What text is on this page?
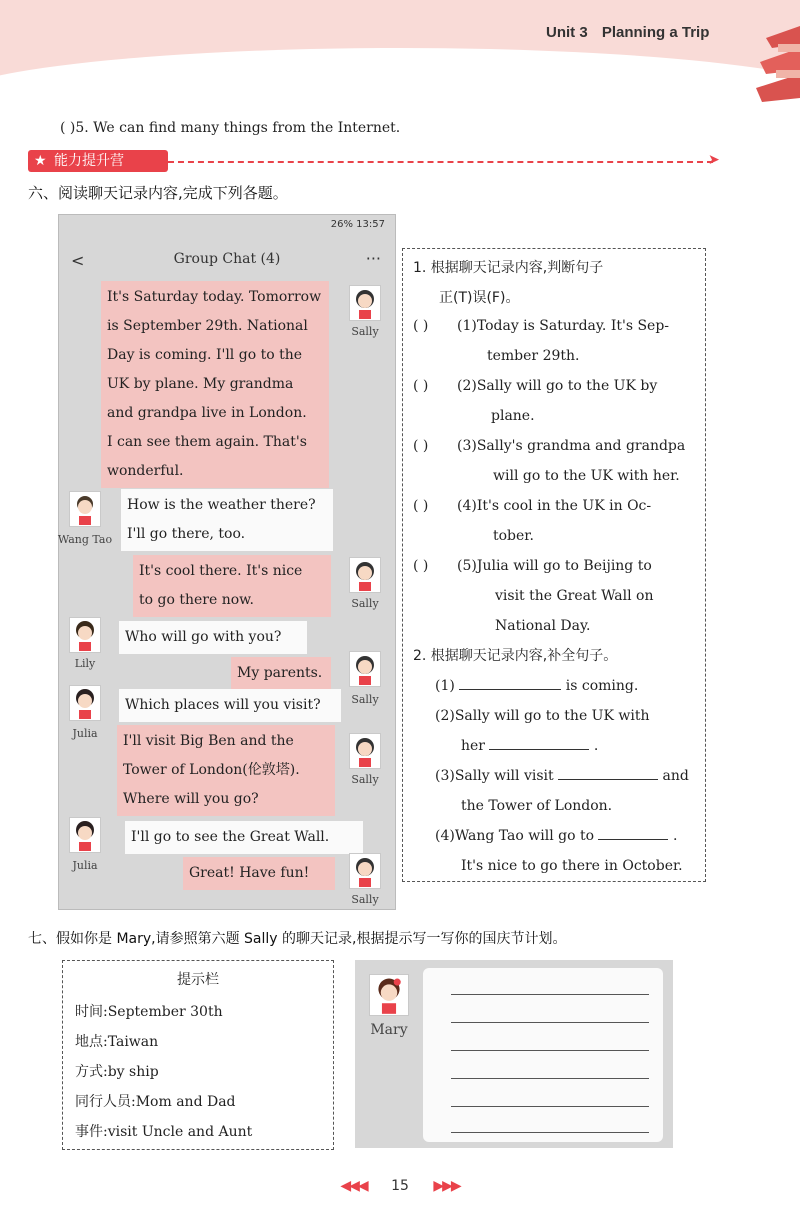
Unit 3 Planning a Trip
( )5. We can find many things from the Internet.
★ 能力提升营	➤
六、阅读聊天记录内容,完成下列各题。
26% 13:57
<	Group Chat (4)	···
It's Saturday today. Tomorrow
is September 29th. National
Day is coming. I'll go to the
UK by plane. My grandma
and grandpa live in London.
I can see them again. That's
wonderful.
Sally
Wang Tao
How is the weather there?
I'll go there, too.
It's cool there. It's nice
to go there now.	Sally
Lily
Who will go with you?
My parents.
Sally
Julia
Which places will you visit?
I'll visit Big Ben and the
Tower of London(伦敦塔).
Where will you go?
Sally
Julia
I'll go to see the Great Wall.
Great! Have fun!
Sally
1. 根据聊天记录内容,判断句子
正(T)误(F)。
( ) (1)Today is Saturday. It's Sep-
tember 29th.
( ) (2)Sally will go to the UK by
plane.
( ) (3)Sally's grandma and grandpa
will go to the UK with her.
( ) (4)It's cool in the UK in Oc-
tober.
( ) (5)Julia will go to Beijing to
visit the Great Wall on
National Day.
2. 根据聊天记录内容,补全句子。
(1)	is coming.
(2)Sally will go to the UK with
her	.
(3)Sally will visit	and
the Tower of London.
(4)Wang Tao will go to	.
It's nice to go there in October.
七、假如你是 Mary,请参照第六题 Sally 的聊天记录,根据提示写一写你的国庆节计划。
提示栏
时间:September 30th
地点:Taiwan
方式:by ship
同行人员:Mom and Dad
事件:visit Uncle and Aunt
Mary
◀◀◀ 15 ▶▶▶
